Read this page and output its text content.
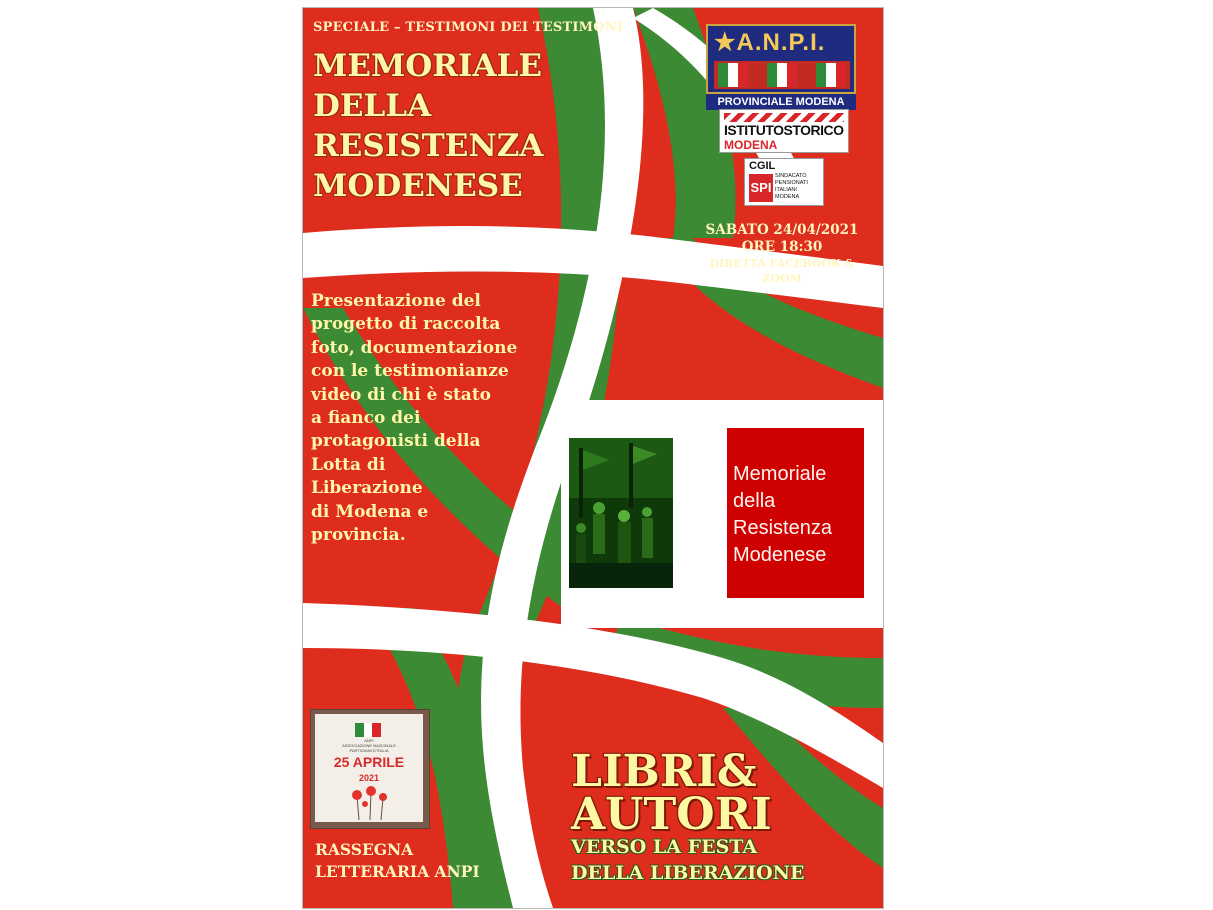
SPECIALE – TESTIMONI DEI TESTIMONI
MEMORIALE
DELLA
RESISTENZA
MODENESE
★A.N.P.I.
PROVINCIALE MODENA
ISTITUTOSTORICO
MODENA
CGIL
SPI
SINDACATO
PENSIONATI
ITALIANI
MODENA
SABATO 24/04/2021
ORE 18:30
DIRETTA FACEBOOK &
ZOOM
Presentazione del
progetto di raccolta
foto, documentazione
con le testimonianze
video di chi è stato
a fianco dei
protagonisti della
Lotta di
Liberazione
di Modena e
provincia.
Memoriale
della
Resistenza
Modenese
ANPI
ASSOCIAZIONE NAZIONALE PARTIGIANI D'ITALIA
25 APRILE
2021
RASSEGNA
LETTERARIA ANPI
LIBRI&
AUTORI
VERSO LA FESTA
DELLA LIBERAZIONE
